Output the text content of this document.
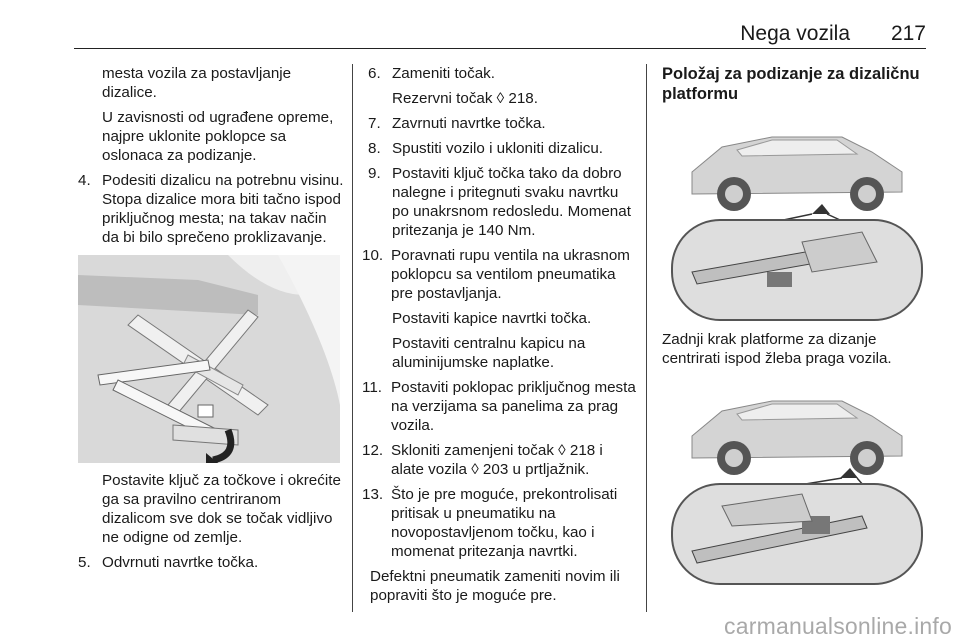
Nega vozila 217

mesta vozila za postavljanje dizalice.

U zavisnosti od ugrađene opreme, najpre uklonite poklopce sa oslonaca za podizanje.

4. Podesiti dizalicu na potrebnu visinu. Stopa dizalice mora biti tačno ispod priključnog mesta; na takav način da bi bilo sprečeno proklizavanje.

Postavite ključ za točkove i okrećite ga sa pravilno centriranom dizalicom sve dok se točak vidljivo ne odigne od zemlje.

5. Odvrnuti navrtke točka.
6. Zameniti točak.

Rezervni točak ◊ 218.

7. Zavrnuti navrtke točka.
8. Spustiti vozilo i ukloniti dizalicu.
9. Postaviti ključ točka tako da dobro nalegne i pritegnuti svaku navrtku po unakrsnom redosledu. Momenat pritezanja je 140 Nm.
10. Poravnati rupu ventila na ukrasnom poklopcu sa ventilom pneumatika pre postavljanja.

Postaviti kapice navrtki točka.

Postaviti centralnu kapicu na aluminijumske naplatke.

11. Postaviti poklopac priključnog mesta na verzijama sa panelima za prag vozila.
12. Skloniti zamenjeni točak ◊ 218 i alate vozila ◊ 203 u prtljažnik.
13. Što je pre moguće, prekontrolisati pritisak u pneumatiku na novopostavljenom točku, kao i momenat pritezanja navrtki.

Defektni pneumatik zameniti novim ili popraviti što je moguće pre.

Položaj za podizanje za dizaličnu platformu

Zadnji krak platforme za dizanje centrirati ispod žleba praga vozila.

carmanualsonline.info
